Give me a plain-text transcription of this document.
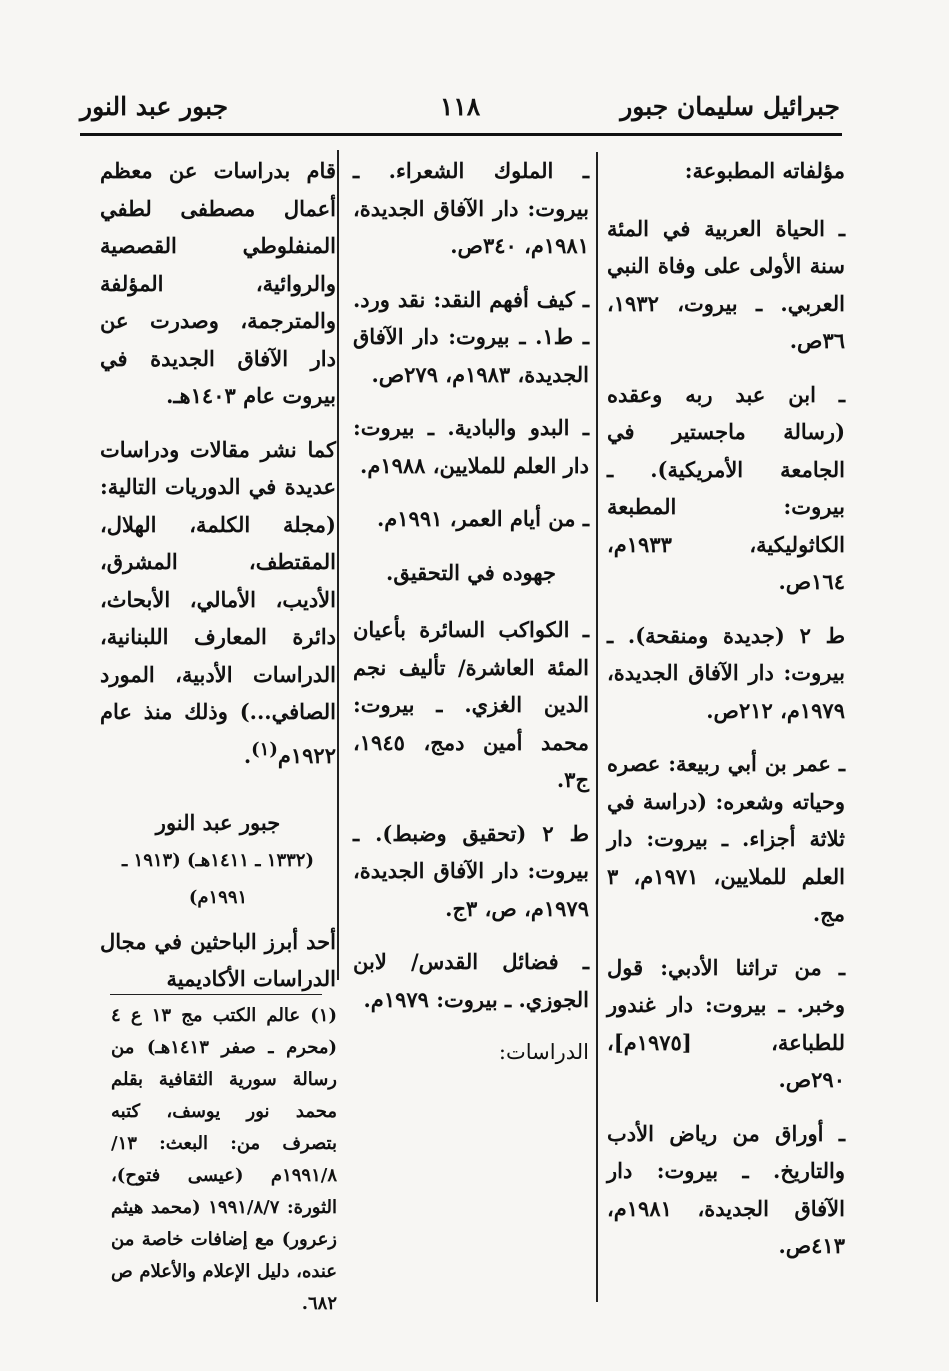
جبرائيل سليمان جبور
١١٨
جبور عبد النور

مؤلفاته المطبوعة:

ـ الحياة العربية في المئة سنة الأولى على وفاة النبي العربي. ـ بيروت، ١٩٣٢، ٣٦ص.

ـ ابن عبد ربه وعقده (رسالة ماجستير في الجامعة الأمريكية). ـ بيروت: المطبعة الكاثوليكية، ١٩٣٣م، ١٦٤ص.

ط ٢ (جديدة ومنقحة). ـ بيروت: دار الآفاق الجديدة، ١٩٧٩م، ٢١٢ص.

ـ عمر بن أبي ربيعة: عصره وحياته وشعره: (دراسة في ثلاثة أجزاء. ـ بيروت: دار العلم للملايين، ١٩٧١م، ٣ مج.

ـ من تراثنا الأدبي: قول وخبر. ـ بيروت: دار غندور للطباعة، [١٩٧٥م]، ٢٩٠ص.

ـ أوراق من رياض الأدب والتاريخ. ـ بيروت: دار الآفاق الجديدة، ١٩٨١م، ٤١٣ص.

ـ الملوك الشعراء. ـ بيروت: دار الآفاق الجديدة، ١٩٨١م، ٣٤٠ص.

ـ كيف أفهم النقد: نقد ورد. ـ ط١. ـ بيروت: دار الآفاق الجديدة، ١٩٨٣م، ٢٧٩ص.

ـ البدو والبادية. ـ بيروت: دار العلم للملايين، ١٩٨٨م.

ـ من أيام العمر، ١٩٩١م.

جهوده في التحقيق.

ـ الكواكب السائرة بأعيان المئة العاشرة/ تأليف نجم الدين الغزي. ـ بيروت: محمد أمين دمج، ١٩٤٥، ج٣.

ط ٢ (تحقيق وضبط). ـ بيروت: دار الآفاق الجديدة، ١٩٧٩م، ص، ٣ج.

ـ فضائل القدس/ لابن الجوزي. ـ بيروت: ١٩٧٩م.

الدراسات:

قام بدراسات عن معظم أعمال مصطفى لطفي المنفلوطي القصصية والروائية، المؤلفة والمترجمة، وصدرت عن دار الآفاق الجديدة في بيروت عام ١٤٠٣هـ.

كما نشر مقالات ودراسات عديدة في الدوريات التالية: (مجلة الكلمة، الهلال، المقتطف، المشرق، الأديب، الأمالي، الأبحاث، دائرة المعارف اللبنانية، الدراسات الأدبية، المورد الصافي...) وذلك منذ عام ١٩٢٢م$^{(١)}$.

جبور عبد النور

(١٣٣٢ ـ ١٤١١هـ) (١٩١٣ ـ ١٩٩١م)

أحد أبرز الباحثين في مجال الدراسات الأكاديمية

(١) عالم الكتب مج ١٣ ع ٤ (محرم ـ صفر ١٤١٣هـ) من رسالة سورية الثقافية بقلم محمد نور يوسف، كتبه بتصرف من: البعث: ١٣/ ١٩٩١/٨م (عيسى فتوح)، الثورة: ١٩٩١/٨/٧ (محمد هيثم زعرور) مع إضافات خاصة من عنده، دليل الإعلام والأعلام ص ٦٨٢.
